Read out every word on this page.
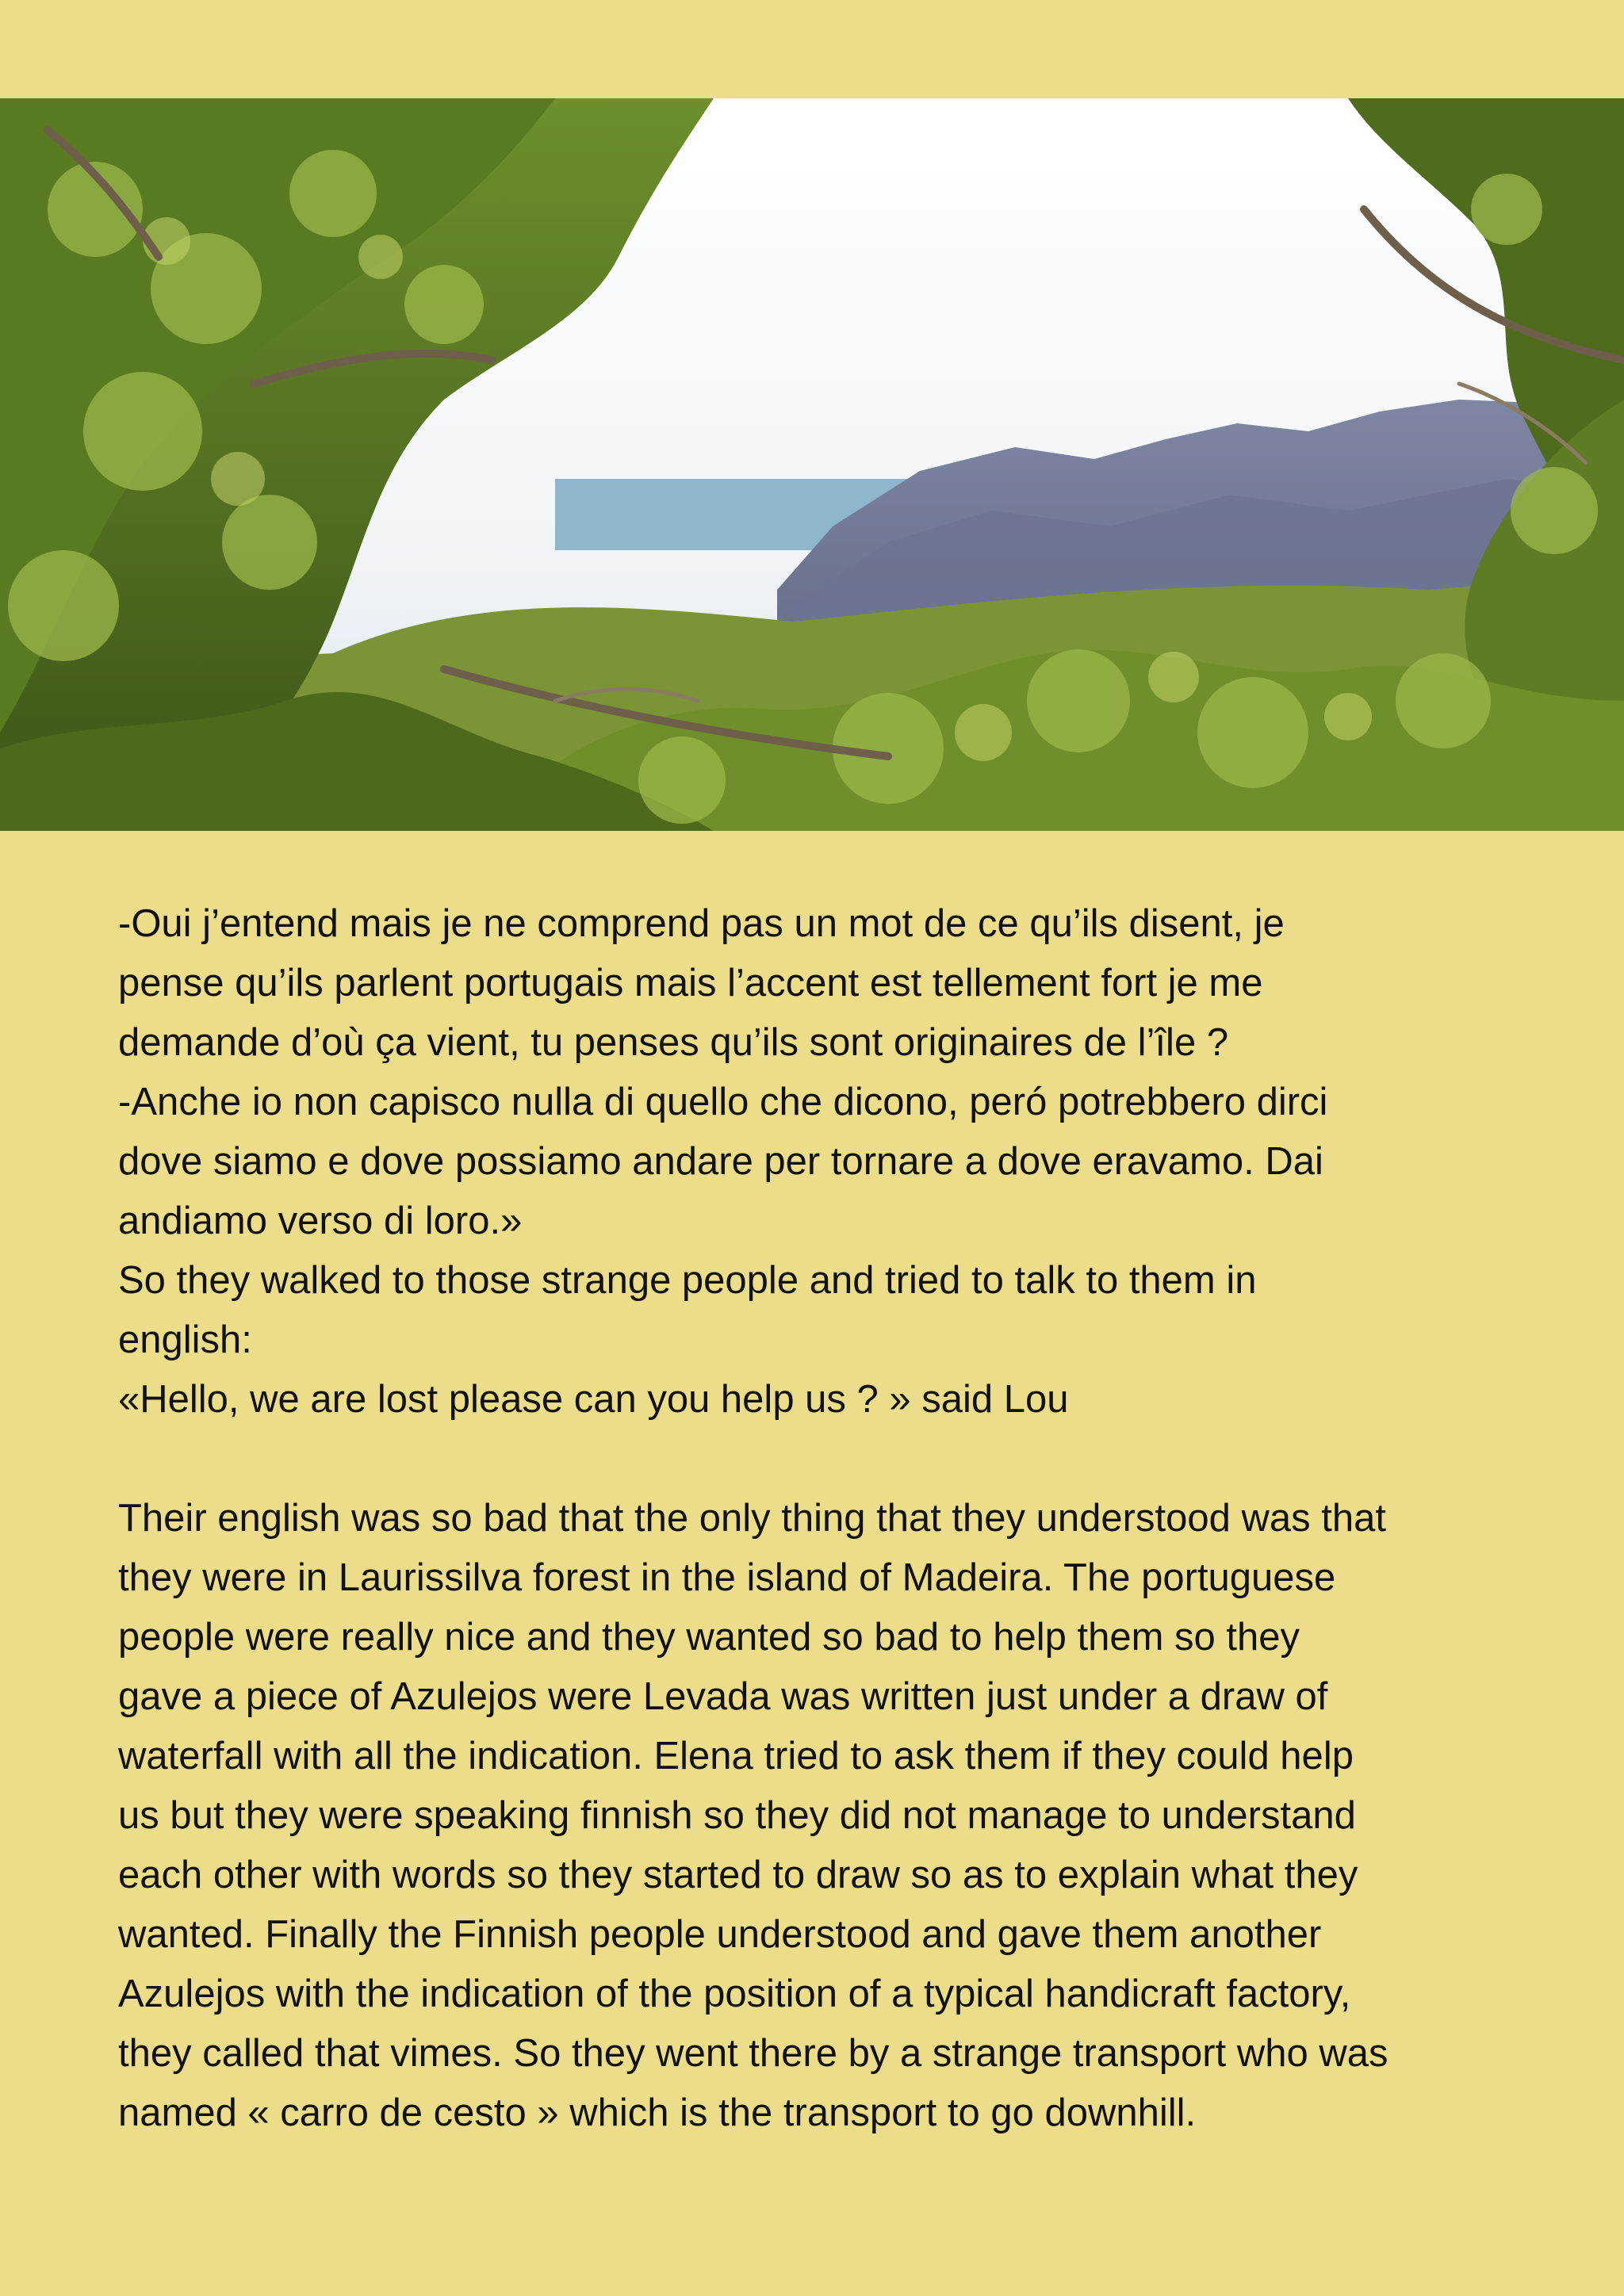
-Oui j’entend mais je ne comprend pas un mot de ce qu’ils disent, je

pense qu’ils parlent portugais mais l’accent est tellement fort je me

demande d’où ça vient, tu penses qu’ils sont originaires de l’île ?

-Anche io non capisco nulla di quello che dicono, peró potrebbero dirci

dove siamo e dove possiamo andare per tornare a dove eravamo. Dai

andiamo verso di loro.»

So they walked to those strange people and tried to talk to them in

english:

«Hello, we are lost please can you help us ? » said Lou

Their english was so bad that the only thing that they understood was that

they were in Laurissilva forest in the island of Madeira. The portuguese

people were really nice and they wanted so bad to help them so they

gave a piece of Azulejos were Levada was written just under a draw of

waterfall with all the indication. Elena tried to ask them if they could help

us but they were speaking finnish so they did not manage to understand

each other with words so they started to draw so as to explain what they

wanted. Finally the Finnish people understood and gave them another

Azulejos with the indication of the position of a typical handicraft factory,

they called that vimes. So they went there by a strange transport who was

named « carro de cesto » which is the transport to go downhill.
